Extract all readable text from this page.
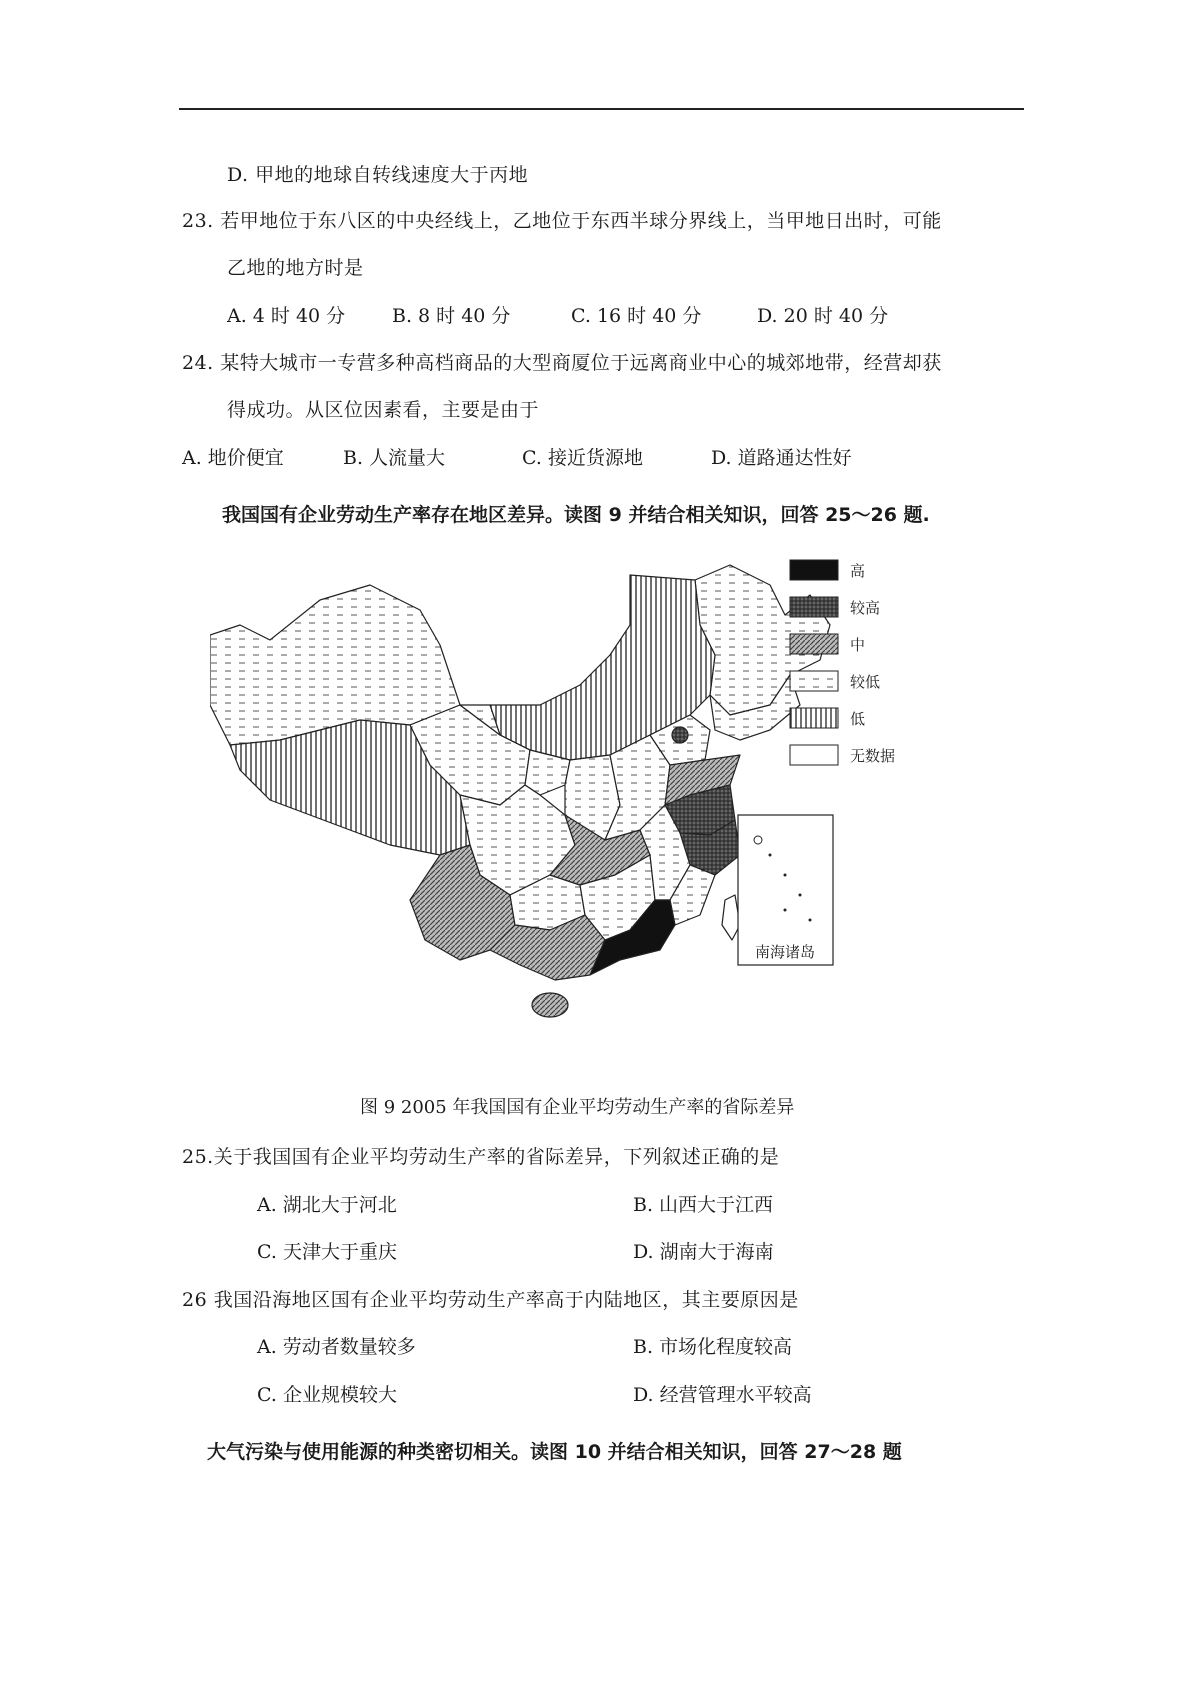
D. 甲地的地球自转线速度大于丙地
23. 若甲地位于东八区的中央经线上，乙地位于东西半球分界线上，当甲地日出时，可能
乙地的地方时是
A. 4 时 40 分 B. 8 时 40 分	C. 16 时 40 分	D. 20 时 40 分
24. 某特大城市一专营多种高档商品的大型商厦位于远离商业中心的城郊地带，经营却获
得成功。从区位因素看，主要是由于
A. 地价便宜	B. 人流量大	C. 接近货源地	D. 道路通达性好
我国国有企业劳动生产率存在地区差异。读图 9 并结合相关知识，回答 25～26 题.
南海诸岛
高
较高
中
较低
低
无数据
图 9 2005 年我国国有企业平均劳动生产率的省际差异
25.关于我国国有企业平均劳动生产率的省际差异，下列叙述正确的是
A. 湖北大于河北	B. 山西大于江西
C. 天津大于重庆	D. 湖南大于海南
26 我国沿海地区国有企业平均劳动生产率高于内陆地区，其主要原因是
A. 劳动者数量较多	B. 市场化程度较高
C. 企业规模较大	D. 经营管理水平较高
大气污染与使用能源的种类密切相关。读图 10 并结合相关知识，回答 27～28 题
